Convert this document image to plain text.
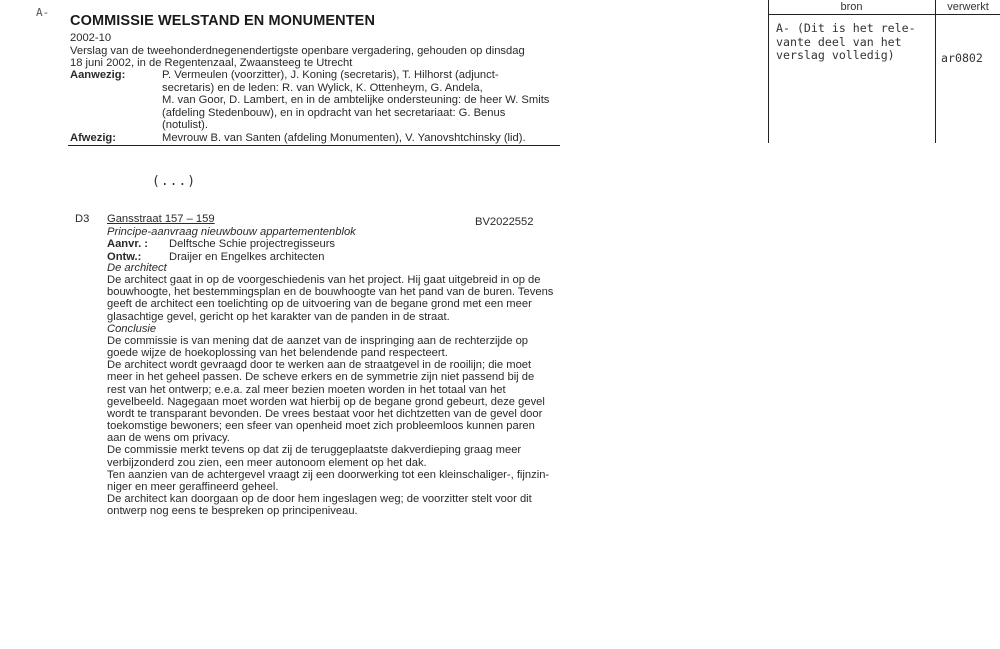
A-
COMMISSIE WELSTAND EN MONUMENTEN
2002-10
Verslag van de tweehonderdnegenendertigste openbare vergadering, gehouden op dinsdag
18 juni 2002, in de Regentenzaal, Zwaansteeg te Utrecht
Aanwezig:	P. Vermeulen (voorzitter), J. Koning (secretaris), T. Hilhorst (adjunct-
secretaris) en de leden: R. van Wylick, K. Ottenheym, G. Andela,
M. van Goor, D. Lambert, en in de ambtelijke ondersteuning: de heer W. Smits
(afdeling Stedenbouw), en in opdracht van het secretariaat: G. Benus
(notulist).
Afwezig:	Mevrouw B. van Santen (afdeling Monumenten), V. Yanovshtchinsky (lid).
(...)
D3 Gansstraat 157 – 159	BV2022552
Principe-aanvraag nieuwbouw appartementenblok
Aanvr. : Delftsche Schie projectregisseurs
Ontw.: Draijer en Engelkes architecten
De architect
De architect gaat in op de voorgeschiedenis van het project. Hij gaat uitgebreid in op de
bouwhoogte, het bestemmingsplan en de bouwhoogte van het pand van de buren. Tevens
geeft de architect een toelichting op de uitvoering van de begane grond met een meer
glasachtige gevel, gericht op het karakter van de panden in de straat.
Conclusie
De commissie is van mening dat de aanzet van de inspringing aan de rechterzijde op
goede wijze de hoekoplossing van het belendende pand respecteert.
De architect wordt gevraagd door te werken aan de straatgevel in de rooilijn; die moet
meer in het geheel passen. De scheve erkers en de symmetrie zijn niet passend bij de
rest van het ontwerp; e.e.a. zal meer bezien moeten worden in het totaal van het
gevelbeeld. Nagegaan moet worden wat hierbij op de begane grond gebeurt, deze gevel
wordt te transparant bevonden. De vrees bestaat voor het dichtzetten van de gevel door
toekomstige bewoners; een sfeer van openheid moet zich probleemloos kunnen paren
aan de wens om privacy.
De commissie merkt tevens op dat zij de teruggeplaatste dakverdieping graag meer
verbijzonderd zou zien, een meer autonoom element op het dak.
Ten aanzien van de achtergevel vraagt zij een doorwerking tot een kleinschaliger-, fijnzin-
niger en meer geraffineerd geheel.
De architect kan doorgaan op de door hem ingeslagen weg; de voorzitter stelt voor dit
ontwerp nog eens te bespreken op principeniveau.
bron	verwerkt
A- (Dit is het rele-
vante deel van het
verslag volledig)	ar0802
